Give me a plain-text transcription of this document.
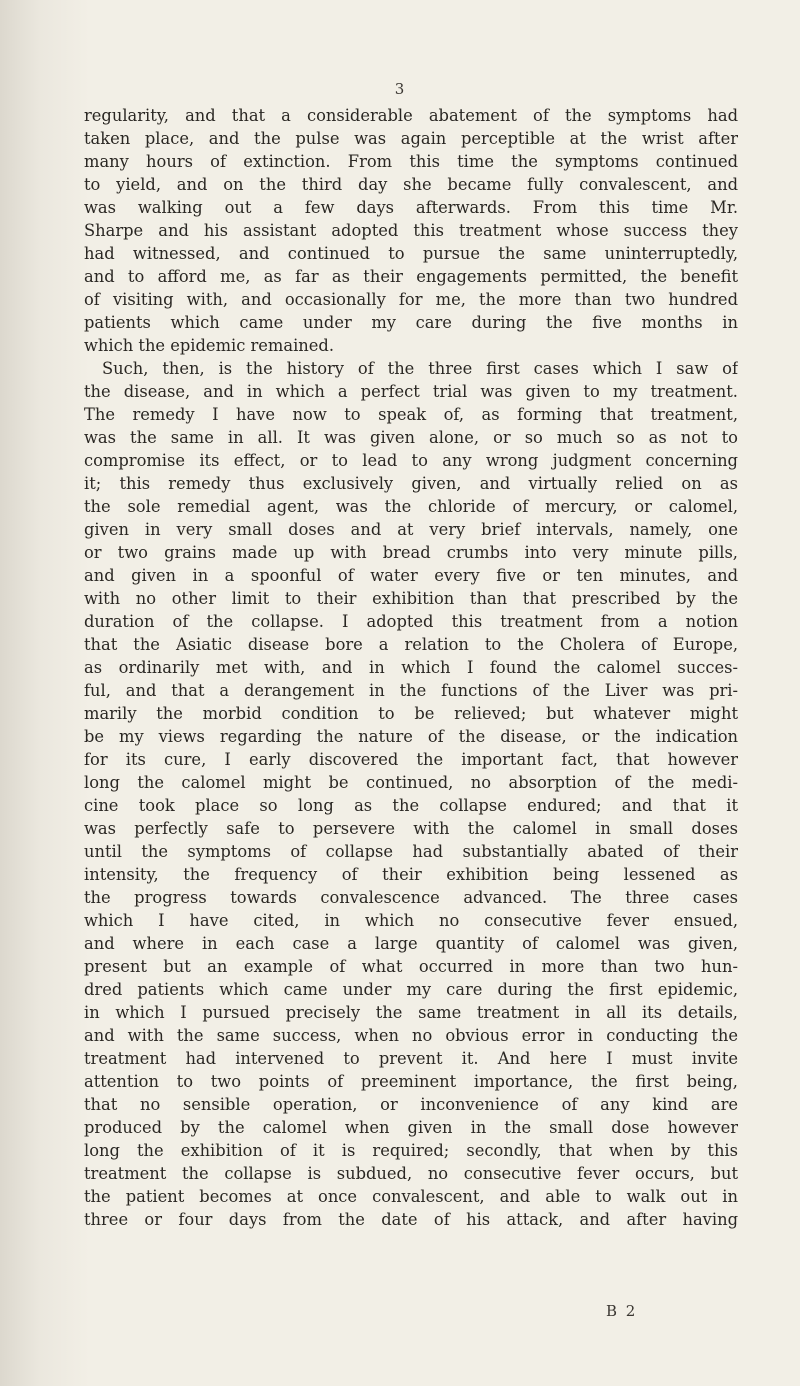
3
regularity, and that a considerable abatement of the symptoms had
taken place, and the pulse was again perceptible at the wrist after
many hours of extinction. From this time the symptoms continued
to yield, and on the third day she became fully convalescent, and
was walking out a few days afterwards. From this time Mr.
Sharpe and his assistant adopted this treatment whose success they
had witnessed, and continued to pursue the same uninterruptedly,
and to afford me, as far as their engagements permitted, the benefit
of visiting with, and occasionally for me, the more than two hundred
patients which came under my care during the five months in
which the epidemic remained.
Such, then, is the history of the three first cases which I saw of
the disease, and in which a perfect trial was given to my treatment.
The remedy I have now to speak of, as forming that treatment,
was the same in all. It was given alone, or so much so as not to
compromise its effect, or to lead to any wrong judgment concerning
it; this remedy thus exclusively given, and virtually relied on as
the sole remedial agent, was the chloride of mercury, or calomel,
given in very small doses and at very brief intervals, namely, one
or two grains made up with bread crumbs into very minute pills,
and given in a spoonful of water every five or ten minutes, and
with no other limit to their exhibition than that prescribed by the
duration of the collapse. I adopted this treatment from a notion
that the Asiatic disease bore a relation to the Cholera of Europe,
as ordinarily met with, and in which I found the calomel succes-
ful, and that a derangement in the functions of the Liver was pri-
marily the morbid condition to be relieved; but whatever might
be my views regarding the nature of the disease, or the indication
for its cure, I early discovered the important fact, that however
long the calomel might be continued, no absorption of the medi-
cine took place so long as the collapse endured; and that it
was perfectly safe to persevere with the calomel in small doses
until the symptoms of collapse had substantially abated of their
intensity, the frequency of their exhibition being lessened as
the progress towards convalescence advanced. The three cases
which I have cited, in which no consecutive fever ensued,
and where in each case a large quantity of calomel was given,
present but an example of what occurred in more than two hun-
dred patients which came under my care during the first epidemic,
in which I pursued precisely the same treatment in all its details,
and with the same success, when no obvious error in conducting the
treatment had intervened to prevent it. And here I must invite
attention to two points of preeminent importance, the first being,
that no sensible operation, or inconvenience of any kind are
produced by the calomel when given in the small dose however
long the exhibition of it is required; secondly, that when by this
treatment the collapse is subdued, no consecutive fever occurs, but
the patient becomes at once convalescent, and able to walk out in
three or four days from the date of his attack, and after having
B 2
